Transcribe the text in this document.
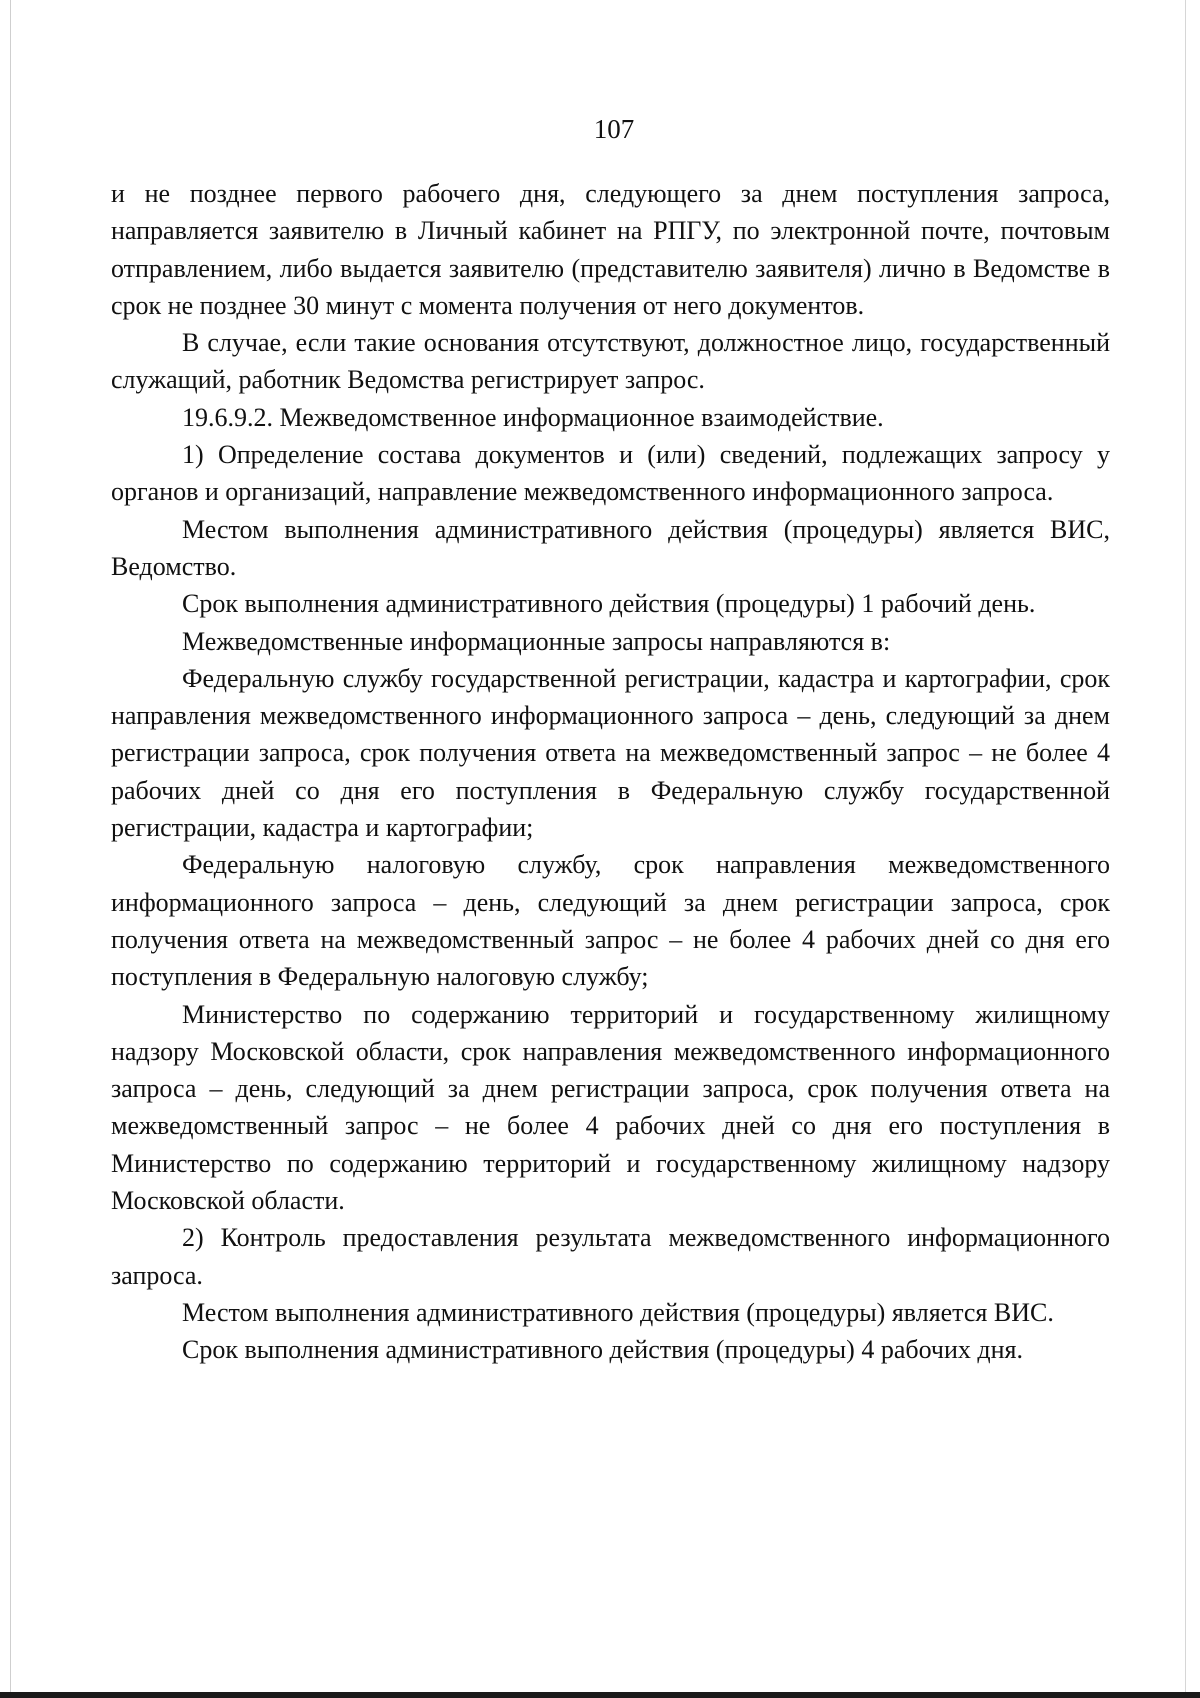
107

и не позднее первого рабочего дня, следующего за днем поступления запроса, направляется заявителю в Личный кабинет на РПГУ, по электронной почте, почтовым отправлением, либо выдается заявителю (представителю заявителя) лично в Ведомстве в срок не позднее 30 минут с момента получения от него документов.

В случае, если такие основания отсутствуют, должностное лицо, государственный служащий, работник Ведомства регистрирует запрос.

19.6.9.2. Межведомственное информационное взаимодействие.

1) Определение состава документов и (или) сведений, подлежащих запросу у органов и организаций, направление межведомственного информационного запроса.

Местом выполнения административного действия (процедуры) является ВИС, Ведомство.

Срок выполнения административного действия (процедуры) 1 рабочий день.

Межведомственные информационные запросы направляются в:

Федеральную службу государственной регистрации, кадастра и картографии, срок направления межведомственного информационного запроса – день, следующий за днем регистрации запроса, срок получения ответа на межведомственный запрос – не более 4 рабочих дней со дня его поступления в Федеральную службу государственной регистрации, кадастра и картографии;

Федеральную налоговую службу, срок направления межведомственного информационного запроса – день, следующий за днем регистрации запроса, срок получения ответа на межведомственный запрос – не более 4 рабочих дней со дня его поступления в Федеральную налоговую службу;

Министерство по содержанию территорий и государственному жилищному надзору Московской области, срок направления межведомственного информационного запроса – день, следующий за днем регистрации запроса, срок получения ответа на межведомственный запрос – не более 4 рабочих дней со дня его поступления в Министерство по содержанию территорий и государственному жилищному надзору Московской области.

2) Контроль предоставления результата межведомственного информационного запроса.

Местом выполнения административного действия (процедуры) является ВИС.

Срок выполнения административного действия (процедуры) 4 рабочих дня.
